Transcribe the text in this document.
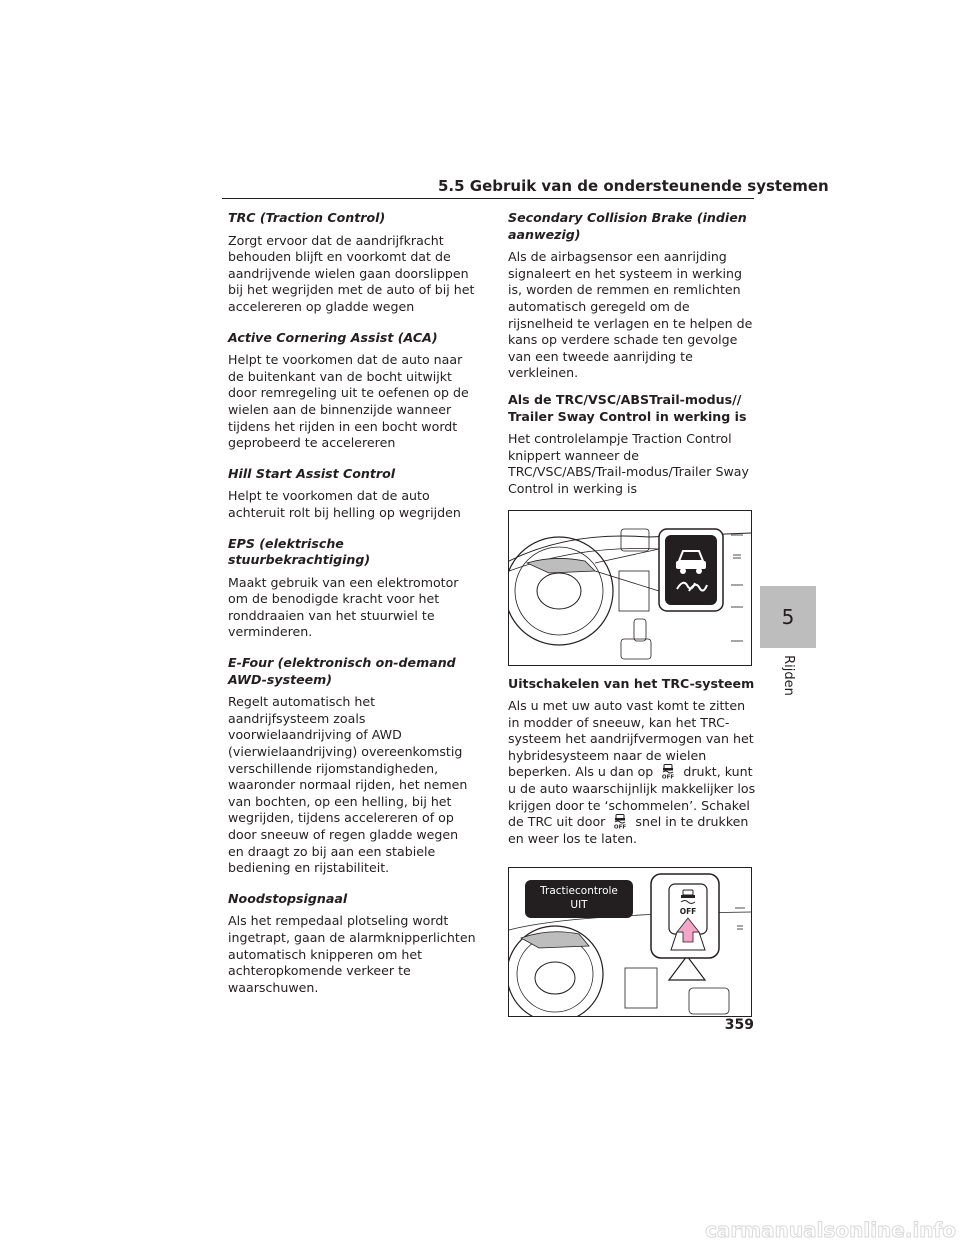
5.5 Gebruik van de ondersteunende systemen
TRC (Traction Control)

Zorgt ervoor dat de aandrijfkracht behouden blijft en voorkomt dat de aandrijvende wielen gaan doorslippen bij het wegrijden met de auto of bij het accelereren op gladde wegen

Active Cornering Assist (ACA)

Helpt te voorkomen dat de auto naar de buitenkant van de bocht uitwijkt door remregeling uit te oefenen op de wielen aan de binnenzijde wanneer tijdens het rijden in een bocht wordt geprobeerd te accelereren

Hill Start Assist Control

Helpt te voorkomen dat de auto achteruit rolt bij helling op wegrijden

EPS (elektrische stuurbekrachtiging)

Maakt gebruik van een elektromotor om de benodigde kracht voor het ronddraaien van het stuurwiel te verminderen.

E-Four (elektronisch on-demand AWD-systeem)

Regelt automatisch het aandrijfsysteem zoals voorwielaandrijving of AWD (vierwielaandrijving) overeenkomstig verschillende rijomstandigheden, waaronder normaal rijden, het nemen van bochten, op een helling, bij het wegrijden, tijdens accelereren of op door sneeuw of regen gladde wegen en draagt zo bij aan een stabiele bediening en rijstabiliteit.

Noodstopsignaal

Als het rempedaal plotseling wordt ingetrapt, gaan de alarmknipperlichten automatisch knipperen om het achteropkomende verkeer te waarschuwen.

Secondary Collision Brake (indien aanwezig)

Als de airbagsensor een aanrijding signaleert en het systeem in werking is, worden de remmen en remlichten automatisch geregeld om de rijsnelheid te verlagen en te helpen de kans op verdere schade ten gevolge van een tweede aanrijding te verkleinen.

Als de TRC/VSC/ABSTrail-modus// Trailer Sway Control in werking is

Het controlelampje Traction Control knippert wanneer de TRC/VSC/ABS/Trail-modus/Trailer Sway Control in werking is

Uitschakelen van het TRC-systeem

Als u met uw auto vast komt te zitten in modder of sneeuw, kan het TRC-systeem het aandrijfvermogen van het hybridesysteem naar de wielen beperken. Als u dan op OFF drukt, kunt u de auto waarschijnlijk makkelijker los krijgen door te ‘schommelen’. Schakel de TRC uit door OFF snel in te drukken en weer los te laten.

OFF
Tractiecontrole
UIT
5
Rijden
359
carmanualsonline.info
